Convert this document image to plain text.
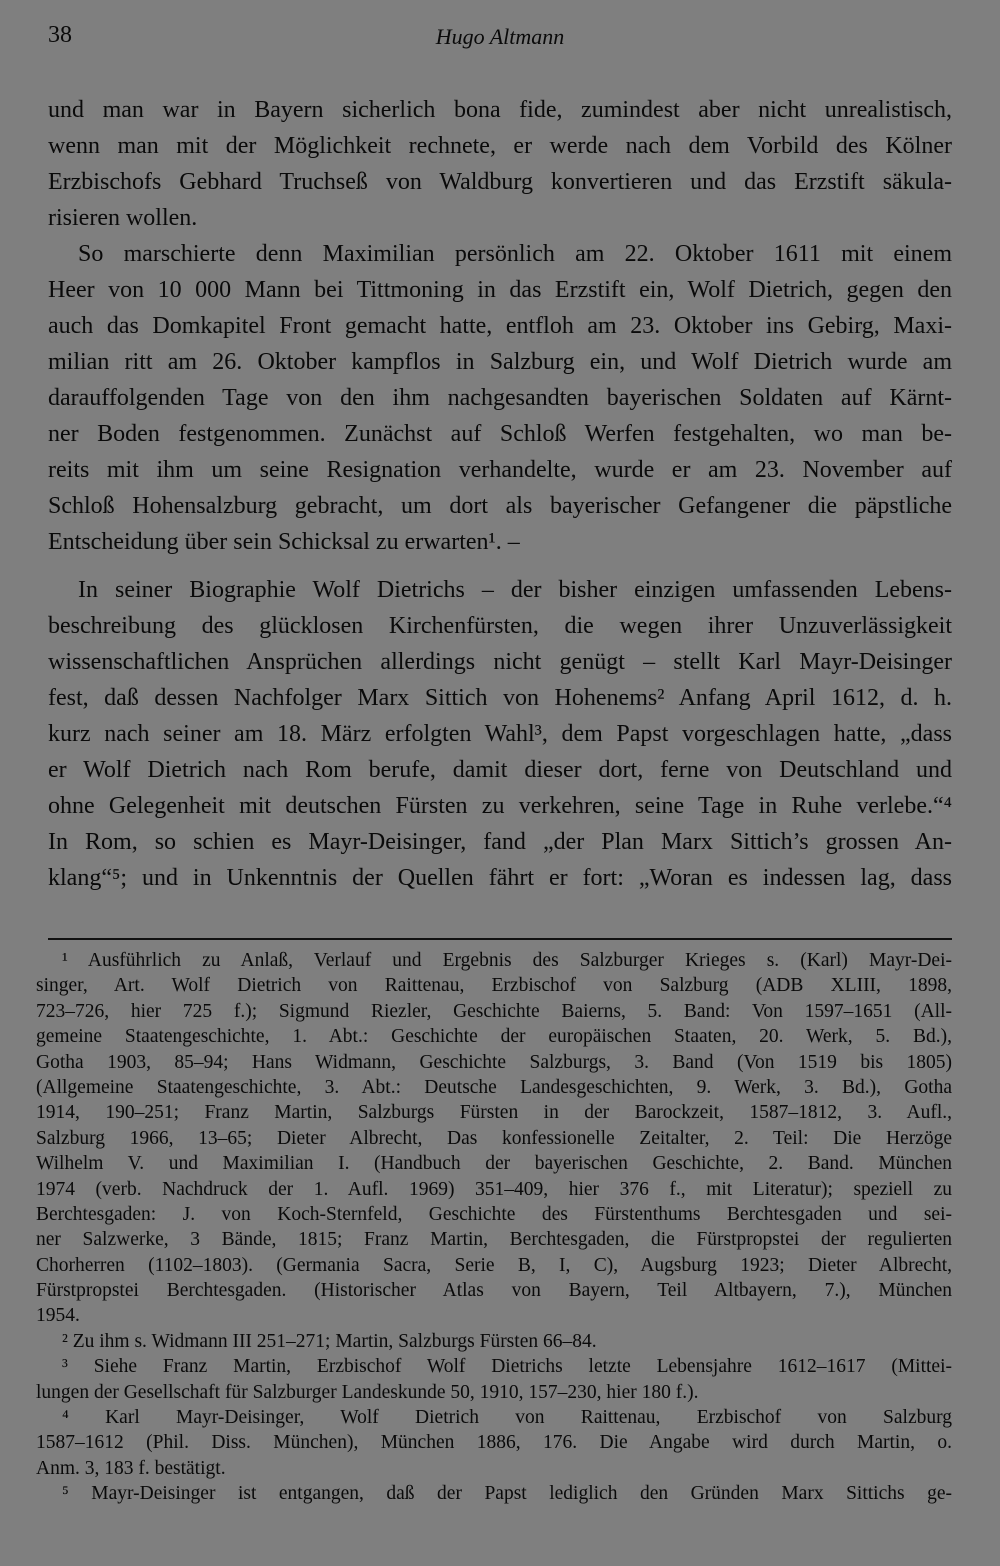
38	Hugo Altmann
und man war in Bayern sicherlich bona fide, zumindest aber nicht unrealistisch,
wenn man mit der Möglichkeit rechnete, er werde nach dem Vorbild des Kölner
Erzbischofs Gebhard Truchseß von Waldburg konvertieren und das Erzstift säkula-
risieren wollen.
So marschierte denn Maximilian persönlich am 22. Oktober 1611 mit einem
Heer von 10 000 Mann bei Tittmoning in das Erzstift ein, Wolf Dietrich, gegen den
auch das Domkapitel Front gemacht hatte, entfloh am 23. Oktober ins Gebirg, Maxi-
milian ritt am 26. Oktober kampflos in Salzburg ein, und Wolf Dietrich wurde am
darauffolgenden Tage von den ihm nachgesandten bayerischen Soldaten auf Kärnt-
ner Boden festgenommen. Zunächst auf Schloß Werfen festgehalten, wo man be-
reits mit ihm um seine Resignation verhandelte, wurde er am 23. November auf
Schloß Hohensalzburg gebracht, um dort als bayerischer Gefangener die päpstliche
Entscheidung über sein Schicksal zu erwarten¹. –
In seiner Biographie Wolf Dietrichs – der bisher einzigen umfassenden Lebens-
beschreibung des glücklosen Kirchenfürsten, die wegen ihrer Unzuverlässigkeit
wissenschaftlichen Ansprüchen allerdings nicht genügt – stellt Karl Mayr-Deisinger
fest, daß dessen Nachfolger Marx Sittich von Hohenems² Anfang April 1612, d. h.
kurz nach seiner am 18. März erfolgten Wahl³, dem Papst vorgeschlagen hatte, „dass
er Wolf Dietrich nach Rom berufe, damit dieser dort, ferne von Deutschland und
ohne Gelegenheit mit deutschen Fürsten zu verkehren, seine Tage in Ruhe verlebe.“⁴
In Rom, so schien es Mayr-Deisinger, fand „der Plan Marx Sittich’s grossen An-
klang“⁵; und in Unkenntnis der Quellen fährt er fort: „Woran es indessen lag, dass
¹ Ausführlich zu Anlaß, Verlauf und Ergebnis des Salzburger Krieges s. (Karl) Mayr-Dei-
singer, Art. Wolf Dietrich von Raittenau, Erzbischof von Salzburg (ADB XLIII, 1898,
723–726, hier 725 f.); Sigmund Riezler, Geschichte Baierns, 5. Band: Von 1597–1651 (All-
gemeine Staatengeschichte, 1. Abt.: Geschichte der europäischen Staaten, 20. Werk, 5. Bd.),
Gotha 1903, 85–94; Hans Widmann, Geschichte Salzburgs, 3. Band (Von 1519 bis 1805)
(Allgemeine Staatengeschichte, 3. Abt.: Deutsche Landesgeschichten, 9. Werk, 3. Bd.), Gotha
1914, 190–251; Franz Martin, Salzburgs Fürsten in der Barockzeit, 1587–1812, 3. Aufl.,
Salzburg 1966, 13–65; Dieter Albrecht, Das konfessionelle Zeitalter, 2. Teil: Die Herzöge
Wilhelm V. und Maximilian I. (Handbuch der bayerischen Geschichte, 2. Band. München
1974 (verb. Nachdruck der 1. Aufl. 1969) 351–409, hier 376 f., mit Literatur); speziell zu
Berchtesgaden: J. von Koch-Sternfeld, Geschichte des Fürstenthums Berchtesgaden und sei-
ner Salzwerke, 3 Bände, 1815; Franz Martin, Berchtesgaden, die Fürstpropstei der regulierten
Chorherren (1102–1803). (Germania Sacra, Serie B, I, C), Augsburg 1923; Dieter Albrecht,
Fürstpropstei Berchtesgaden. (Historischer Atlas von Bayern, Teil Altbayern, 7.), München
1954.
² Zu ihm s. Widmann III 251–271; Martin, Salzburgs Fürsten 66–84.
³ Siehe Franz Martin, Erzbischof Wolf Dietrichs letzte Lebensjahre 1612–1617 (Mittei-
lungen der Gesellschaft für Salzburger Landeskunde 50, 1910, 157–230, hier 180 f.).
⁴ Karl Mayr-Deisinger, Wolf Dietrich von Raittenau, Erzbischof von Salzburg
1587–1612 (Phil. Diss. München), München 1886, 176. Die Angabe wird durch Martin, o.
Anm. 3, 183 f. bestätigt.
⁵ Mayr-Deisinger ist entgangen, daß der Papst lediglich den Gründen Marx Sittichs ge-
